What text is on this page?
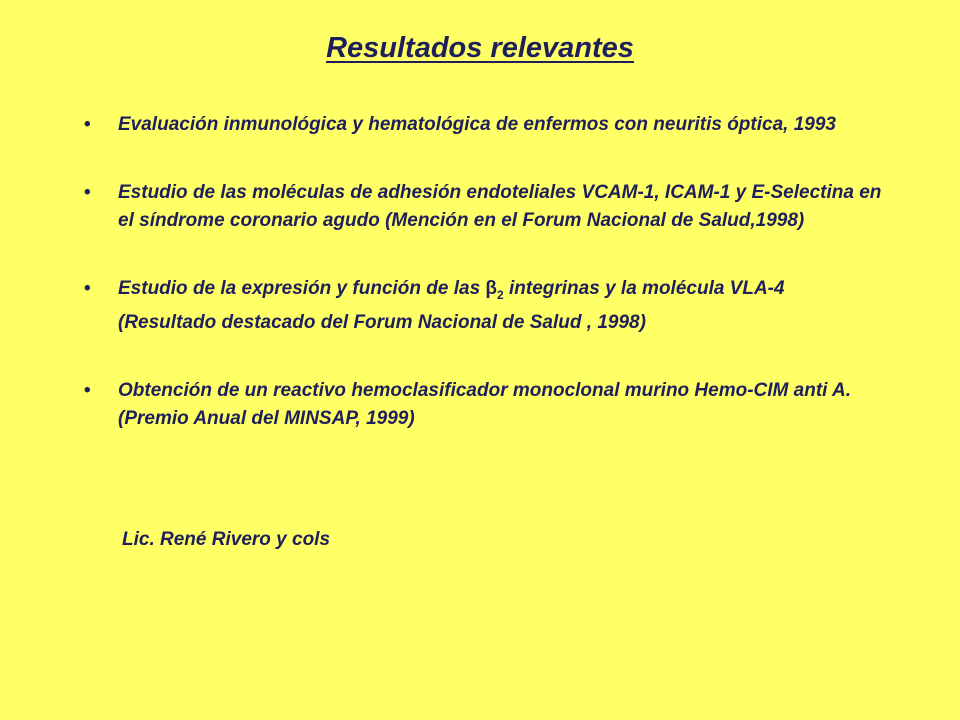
Resultados relevantes
• Evaluación inmunológica y hematológica de enfermos con neuritis óptica, 1993
• Estudio de las moléculas de adhesión endoteliales VCAM-1, ICAM-1 y E-Selectina en el síndrome coronario agudo (Mención en el Forum Nacional de Salud,1998)
• Estudio de la expresión y función de las $\beta_2$ integrinas y la molécula VLA-4 (Resultado destacado del Forum Nacional de Salud , 1998)
• Obtención de un reactivo hemoclasificador monoclonal murino Hemo-CIM anti A. (Premio Anual del MINSAP, 1999)
Lic. René Rivero y cols
